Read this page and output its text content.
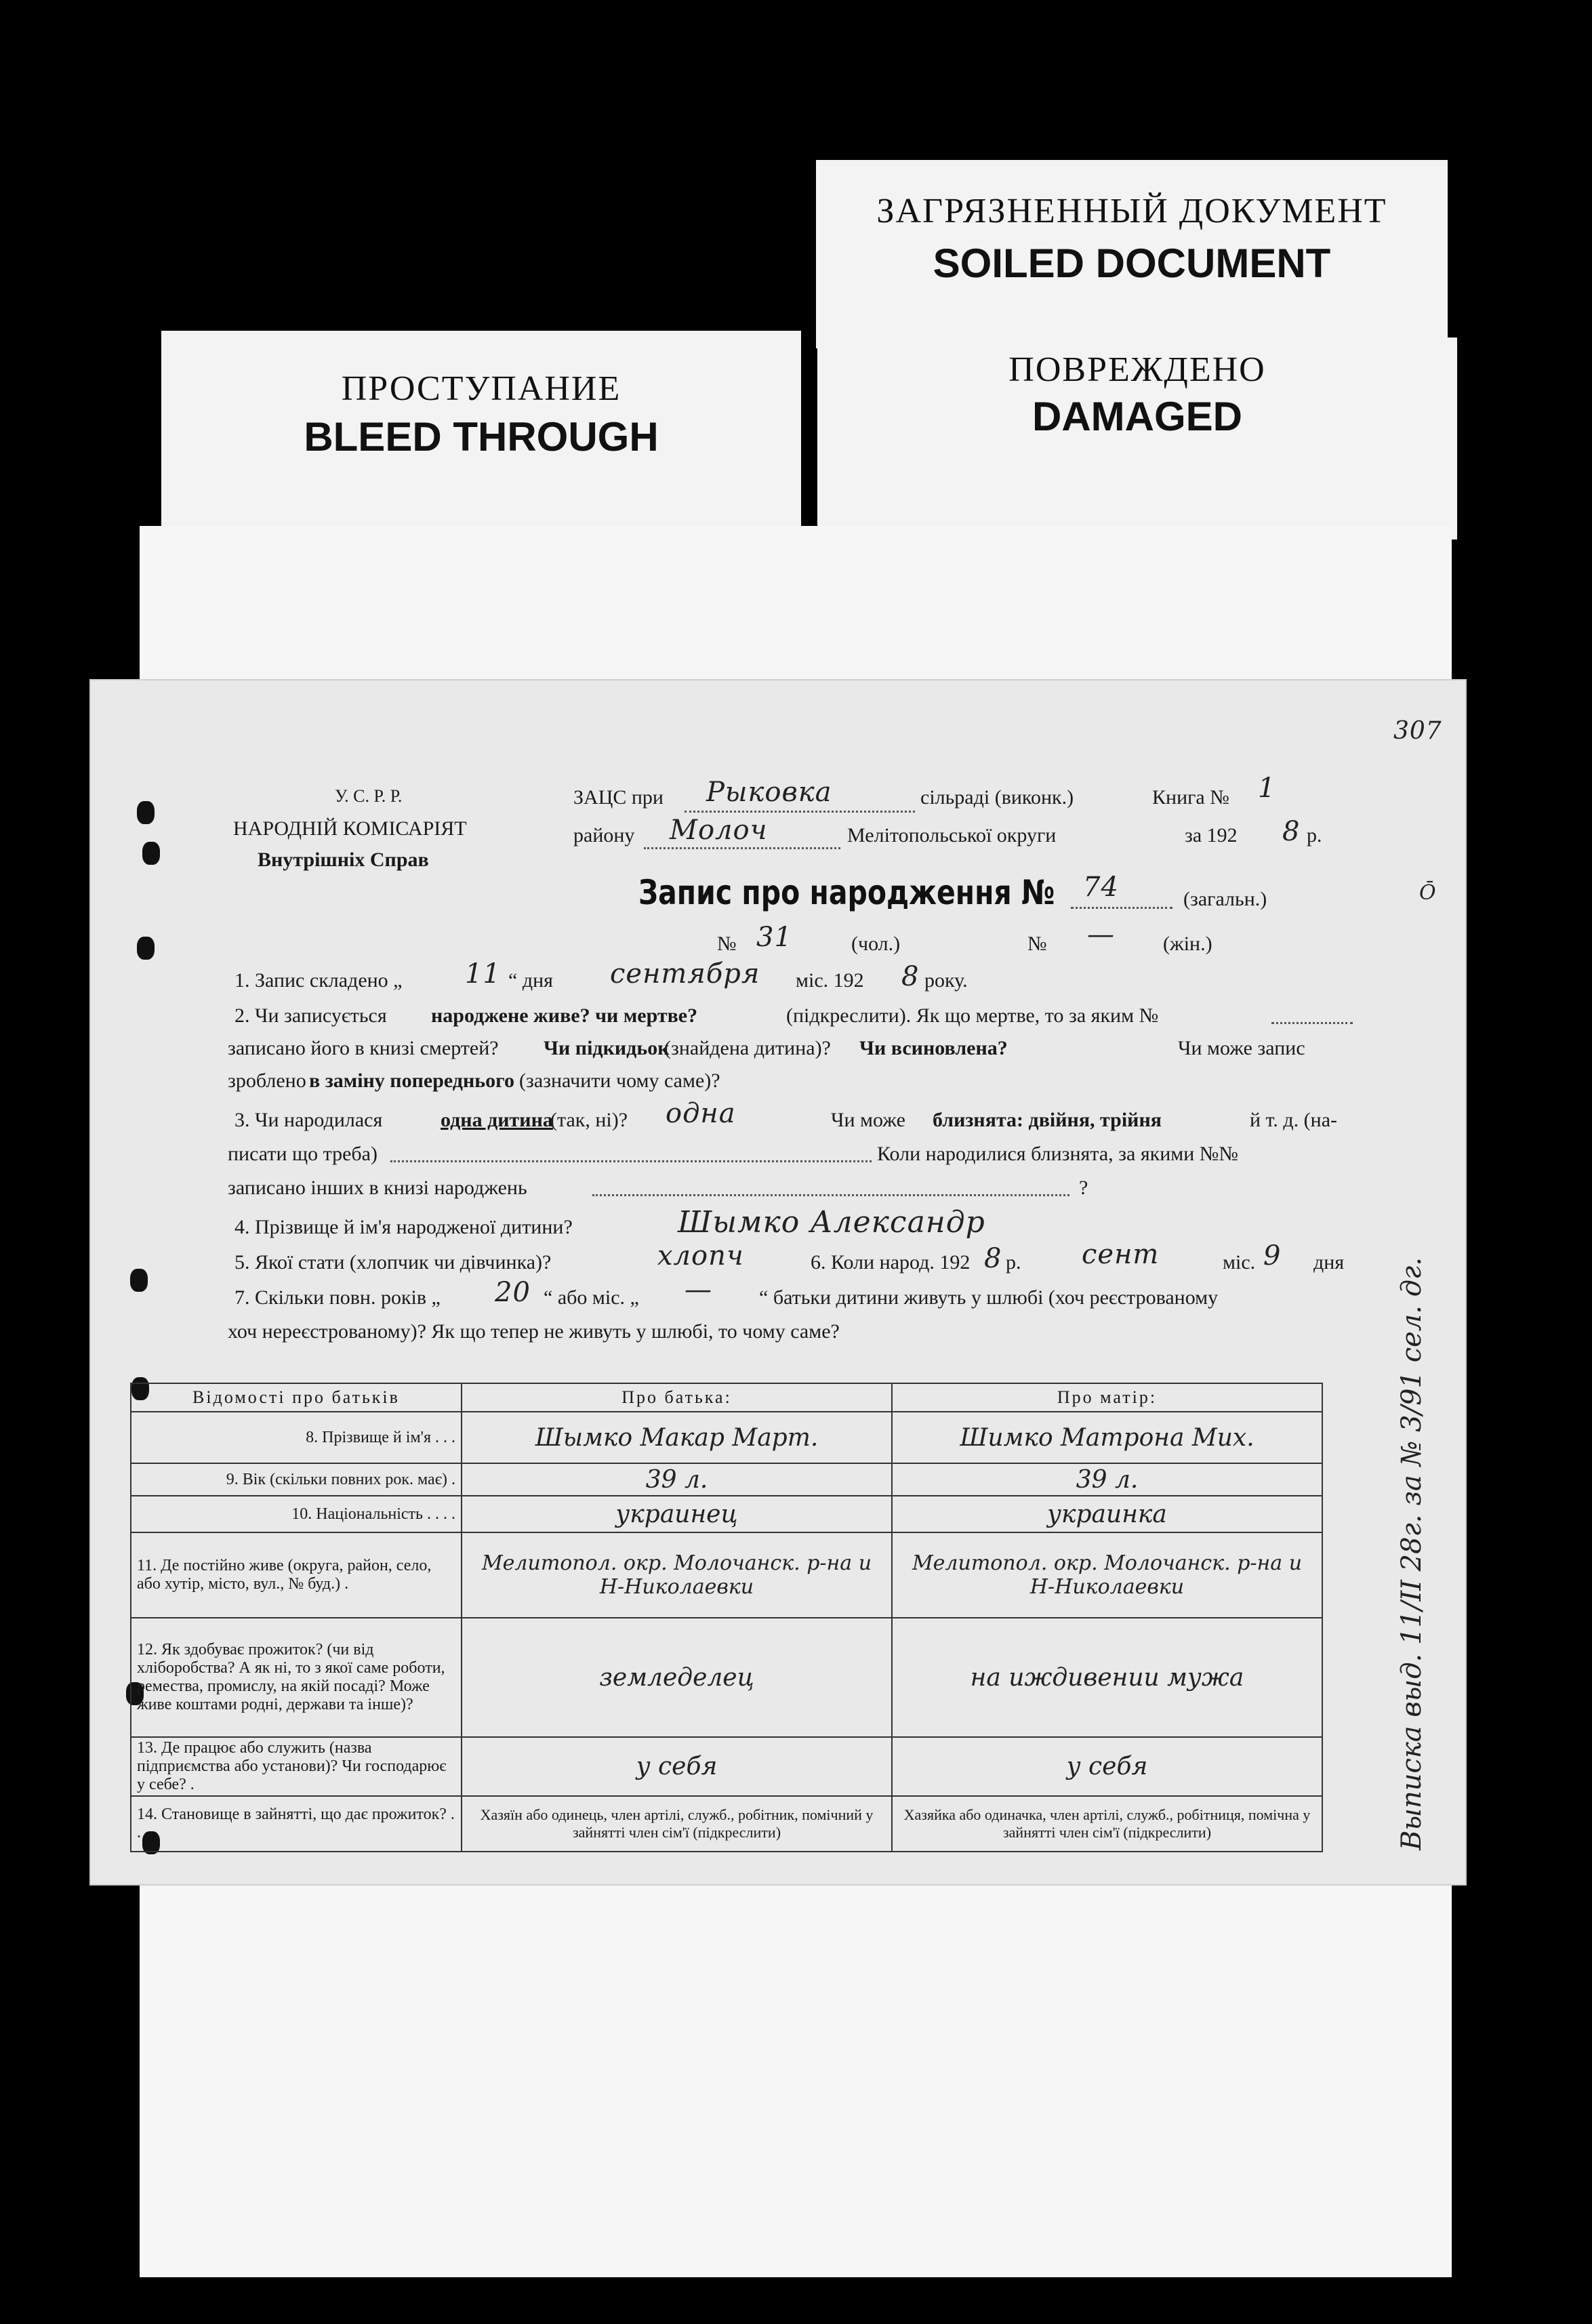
ЗАГРЯЗНЕННЫЙ ДОКУМЕНТ
SOILED DOCUMENT
ПРОСТУПАНИЕ
BLEED THROUGH
ПОВРЕЖДЕНО
DAMAGED
307
У. С. Р. Р.
НАРОДНІЙ КОМІСАРІЯТ
Внутрішніх Справ
ЗАЦС при Рыковка	сільраді (виконк.)	Книга № 1
району Молоч	Мелітопольської округи	за 192 8 р.
Запис про народження № 74	(загальн.)
№ 31	(чол.)	№ — (жін.)
1. Запис складено „ 11 “ дня сентября міс. 192 8 року.
2. Чи записується народжене живе? чи мертве?	(підкреслити). Як що мертве, то за яким №
записано його в книзі смертей? Чи підкидьок
(знайдена дитина)? Чи всиновлена?	Чи може запис
зроблено в заміну попереднього (зазначити чому саме)?
3. Чи народилася	одна дитина
(так, ні)? одна	Чи може близнята: двійня, трійня	й т. д. (на-
писати що треба)	Коли народилися близнята, за якими №№
записано інших в книзі народжень	?
4. Прізвище й ім'я народженої дитини?	Шымко Александр
5. Якої стати (хлопчик чи дівчинка)?	хлопч	6. Коли народ. 192 8 р. сент	міс. 9 дня
7. Скільки повн. років „ 20 “ або міс. „ — “ батьки дитини живуть у шлюбі (хоч реєстрованому
хоч нереєстрованому)? Як що тепер не живуть у шлюбі, то чому саме?
Відомості про батьків	Про батька:	Про матір:
8. Прізвище й ім'я . . .	Шымко Макар Март.	Шимко Матрона Мих.
9. Вік (скільки повних рок. має) .	39 л.	39 л.
10. Національність . . . .	украинец	украинка
11. Де постійно живе (округа, район, село, або хутір, місто, вул., № буд.) .	Мелитопол. окр. Молочанск. р-на и Н-Николаевки	Мелитопол. окр. Молочанск. р-на и Н-Николаевки
12. Як здобуває прожиток? (чи від хліборобства? А як ні, то з якої саме роботи, ремества, промислу, на якій посаді? Може живе коштами родні, держави та інше)?	земледелец	на иждивении мужа
13. Де працює або служить (назва підприємства або установи)? Чи господарює у себе? .	у себя	у себя
14. Становище в зайнятті, що дає прожиток? . .	Хазяїн або одинець, член артілі, служб., робітник, помічний у зайнятті член сім'ї (підкреслити)	Хазяйка або одиначка, член артілі, служб., робітниця, помічна у зайнятті член сім'ї (підкреслити)	Выписка выд. 11/II 28г. за № 3/91 сел. дг.
Ō
